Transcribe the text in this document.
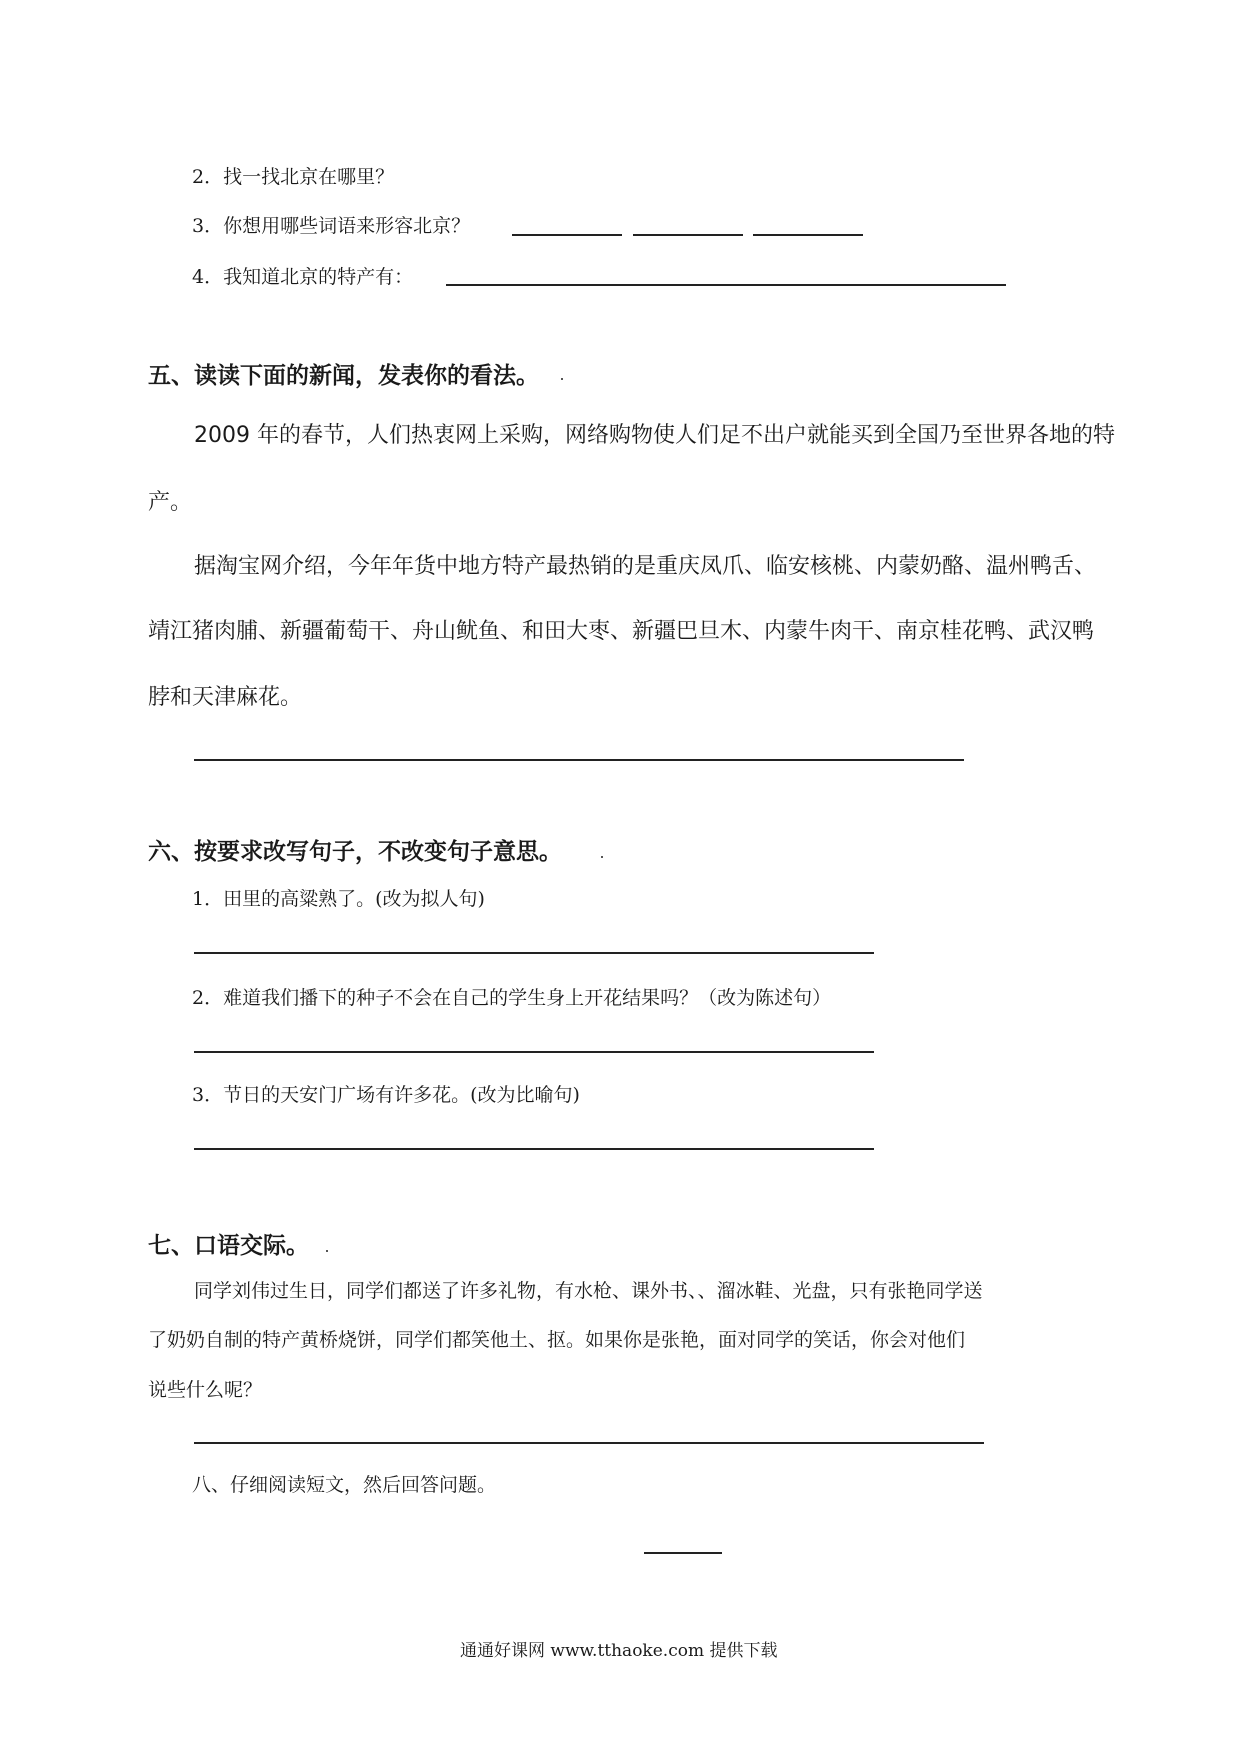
2．找一找北京在哪里？
3．你想用哪些词语来形容北京？
4．我知道北京的特产有：
五、读读下面的新闻，发表你的看法。
2009 年的春节，人们热衷网上采购，网络购物使人们足不出户就能买到全国乃至世界各地的特
产。
据淘宝网介绍，今年年货中地方特产最热销的是重庆凤爪、临安核桃、内蒙奶酪、温州鸭舌、
靖江猪肉脯、新疆葡萄干、舟山鱿鱼、和田大枣、新疆巴旦木、内蒙牛肉干、南京桂花鸭、武汉鸭
脖和天津麻花。
六、按要求改写句子，不改变句子意思。
1．田里的高粱熟了。(改为拟人句)
2．难道我们播下的种子不会在自己的学生身上开花结果吗？（改为陈述句）
3．节日的天安门广场有许多花。(改为比喻句)
七、口语交际。
同学刘伟过生日，同学们都送了许多礼物，有水枪、课外书、、溜冰鞋、光盘，只有张艳同学送
了奶奶自制的特产黄桥烧饼，同学们都笑他土、抠。如果你是张艳，面对同学的笑话，你会对他们
说些什么呢？
八、仔细阅读短文，然后回答问题。
通通好课网 www.tthaoke.com 提供下载
